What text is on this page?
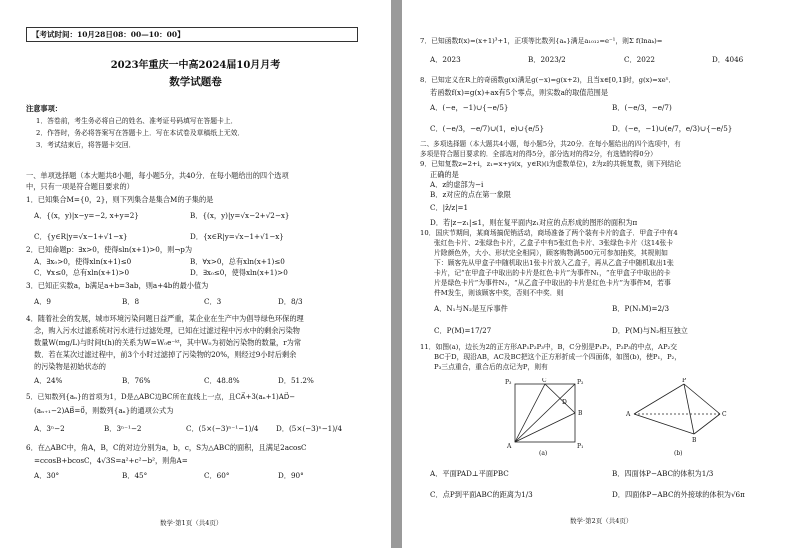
【考试时间：10月28日08：00—10：00】
2023年重庆一中高2024届10月月考
数学试题卷
注意事项：
1．答卷前，考生务必将自己的姓名、准考证号码填写在答题卡上．
2．作答时，务必将答案写在答题卡上．写在本试卷及草稿纸上无效．
3．考试结束后，将答题卡交回．
一、单项选择题（本大题共8小题，每小题5分，共40分．在每小题给出的四个选项
中，只有一项是符合题目要求的）
1．已知集合M={0，2}，则下列集合是集合M的子集的是
A．{(x，y)|x−y=−2, x+y=2}	B．{(x，y)|y=√x−2+√2−x}
C．{y∈R|y=√x−1+√1−x}	D．{x∈R|y=√x−1+√1−x}
2．已知命题p：∃x>0，使得sln(x+1)>0，则¬p为
A．∃x₀>0，使得xln(x+1)≤0	B．∀x>0，总有xln(x+1)≤0
C．∀x≤0，总有xln(x+1)>0	D．∃x₀≤0，使得xln(x+1)>0
3．已知正实数a，b满足a+b=3ab，则a+4b的最小值为
A．9	B．8	C．3	D．8/3
4．随着社会的发展，城市环境污染问题日益严重，某企业在生产中为倡导绿色环保的理
念，购入污水过滤系统对污水进行过滤处理，已知在过滤过程中污水中的剩余污染物
数量W(mg/L)与时间t(h)的关系为W=W₀e⁻ᵏᵗ，其中W₀为初始污染物的数量，r为常
数．若在某次过滤过程中，前3个小时过滤掉了污染物的20%，则经过9小时后剩余
的污染物是初始状态的
A．24%	B．76%	C．48.8%	D．51.2%
5．已知数列{aₙ}的首项为1，D是△ABC边BC所在直线上一点，且CA⃗+3(aₙ+1)AD⃗−
(aₙ₊₁−2)AB⃗=0⃗，则数列{aₙ}的通项公式为
A．3ⁿ−2	B．3ⁿ⁻¹−2	C．(5×(−3)ⁿ⁻¹−1)/4 D．(5×(−3)ⁿ−1)/4
6．在△ABC中，角A，B，C的对边分别为a，b，c，S为△ABC的面积，且满足2acosC
=ccosB+bcosC，4√3S=a²+c²−b²，则角A=
A．30°	B．45°	C．60°	D．90°
数学·第1页（共4页）
7．已知函数f(x)=(x+1)³+1，正项等比数列{aₙ}满足a₁₀₁₂=e⁻¹，则Σ f(lnaₖ)=
A．2023	B．2023/2	C．2022	D．4046
8．已知定义在R上的奇函数g(x)满足g(−x)=g(x+2)，且当x∈[0,1]时，g(x)=xeˣ．
若函数f(x)=g(x)+ax有5个零点，则实数a的取值范围是
A．(−e，−1)∪{−e/5}	B．(−e/3，−e/7)
C．(−e/3，−e/7)∪(1，e)∪{e/5}	D．(−e，−1)∪(e/7，e/3)∪{−e/5}
二、多项选择题（本大题共4小题，每小题5分，共20分．在每小题给出的四个选项中，有
多项是符合题目要求的．全部选对的得5分，部分选对的得2分，有选错的得0分）
9．已知复数z=2+i，z₁=x+yi(x，y∈R)(i为虚数单位)，z̄为z的共轭复数，则下列结论
正确的是
A．z的虚部为−i
B．z对应的点在第一象限
C．|z̄/z|=1
D．若|z−z₁|≤1，则在复平面内z₁对应的点形成的图形的面积为π
10．国庆节期间，某商场搞促销活动，商场准备了两个装有卡片的盒子．甲盒子中有4
张红色卡片、2张绿色卡片，乙盒子中有5张红色卡片、3张绿色卡片（这14张卡
片除颜色外，大小、形状完全相同），顾客购物满500元可参加抽奖，其规则如
下：顾客先从甲盒子中随机取出1张卡片放入乙盒子，再从乙盒子中随机取出1张
卡片，记“在甲盒子中取出的卡片是红色卡片”为事件N₁，“在甲盒子中取出的卡
片是绿色卡片”为事件N₂，“从乙盒子中取出的卡片是红色卡片”为事件M，若事
件M发生，则该顾客中奖，否则不中奖．则
A．N₁与N₂是互斥事件	B．P(N₁M)=2/3
C．P(M)=17/27	D．P(M)与N₂相互独立
11．如图(a)，边长为2的正方形AP₁P₂P₃中，B，C分别是P₁P₂，P₂P₃的中点，AP₂交
BC于D，现沿AB，AC及BC把这个正方形折成一个四面体，如图(b)，使P₁，P₂，
P₃三点重合，重合后的点记为P，则有
P₃	C	P₂
A
D
P₁
B
(a)
A
P
B
C
(b)
A．平面PAD⊥平面PBC	B．四面体P−ABC的体积为1/3
C．点P到平面ABC的距离为1/3	D．四面体P−ABC的外接球的体积为√6π
数学·第2页（共4页）
